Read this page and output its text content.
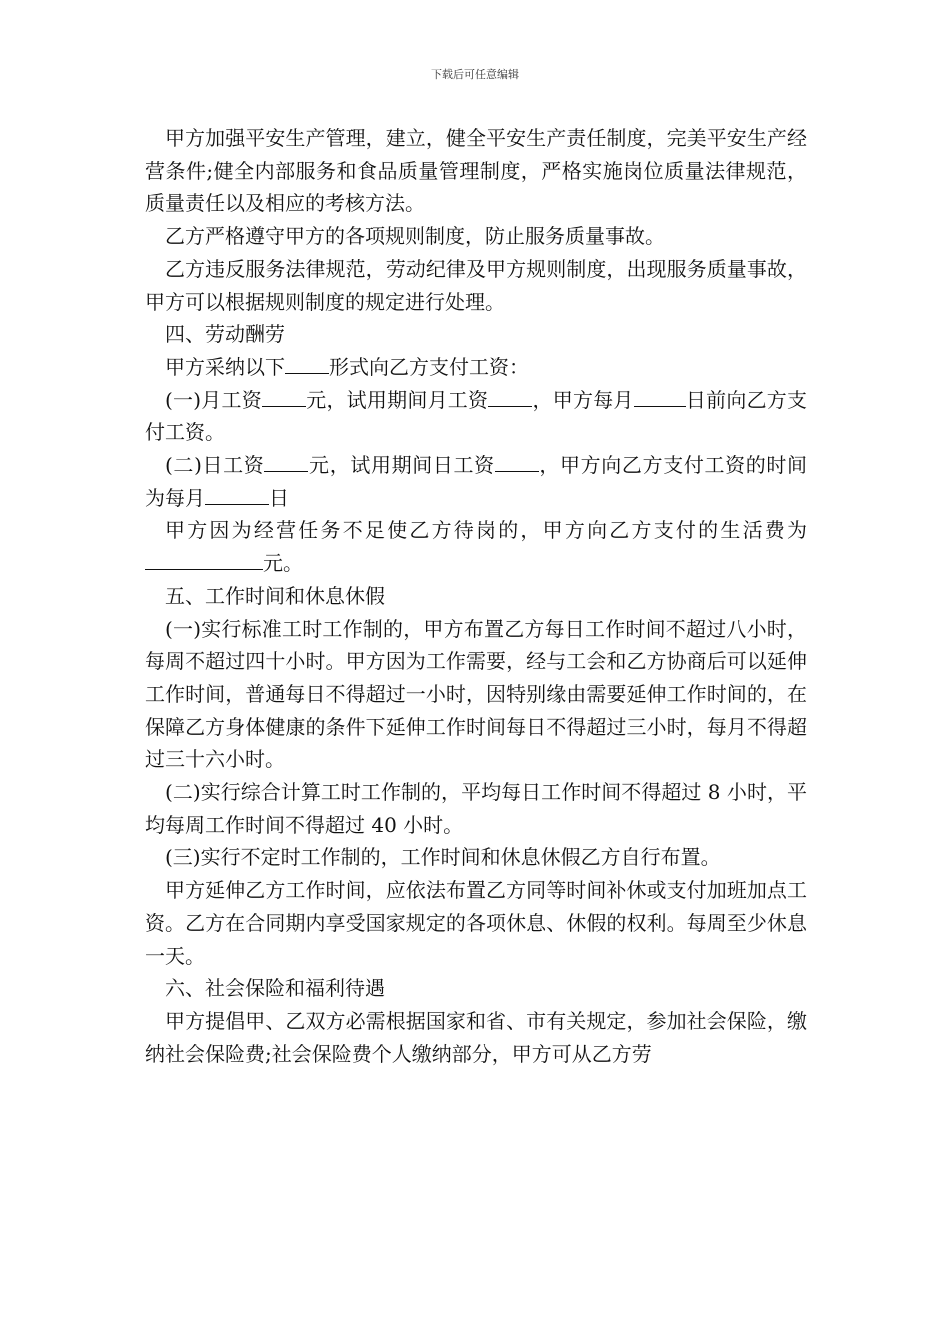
下载后可任意编辑

甲方加强平安生产管理，建立，健全平安生产责任制度，完美平安生产经营条件;健全内部服务和食品质量管理制度，严格实施岗位质量法律规范，质量责任以及相应的考核方法。

乙方严格遵守甲方的各项规则制度，防止服务质量事故。

乙方违反服务法律规范，劳动纪律及甲方规则制度，出现服务质量事故，甲方可以根据规则制度的规定进行处理。

四、劳动酬劳

甲方采纳以下 形式向乙方支付工资：

(一)月工资 元，试用期间月工资 ，甲方每月	日前向乙方支付工资。

(二)日工资 元，试用期间日工资 ，甲方向乙方支付工资的时间为每月	日

甲方因为经营任务不足使乙方待岗的，甲方向乙方支付的生活费为元。

五、工作时间和休息休假

(一)实行标准工时工作制的，甲方布置乙方每日工作时间不超过八小时，每周不超过四十小时。甲方因为工作需要，经与工会和乙方协商后可以延伸工作时间，普通每日不得超过一小时，因特别缘由需要延伸工作时间的，在保障乙方身体健康的条件下延伸工作时间每日不得超过三小时，每月不得超过三十六小时。

(二)实行综合计算工时工作制的，平均每日工作时间不得超过 8 小时，平均每周工作时间不得超过 40 小时。

(三)实行不定时工作制的，工作时间和休息休假乙方自行布置。

甲方延伸乙方工作时间，应依法布置乙方同等时间补休或支付加班加点工资。乙方在合同期内享受国家规定的各项休息、休假的权利。每周至少休息一天。

六、社会保险和福利待遇

甲方提倡甲、乙双方必需根据国家和省、市有关规定，参加社会保险，缴纳社会保险费;社会保险费个人缴纳部分，甲方可从乙方劳
